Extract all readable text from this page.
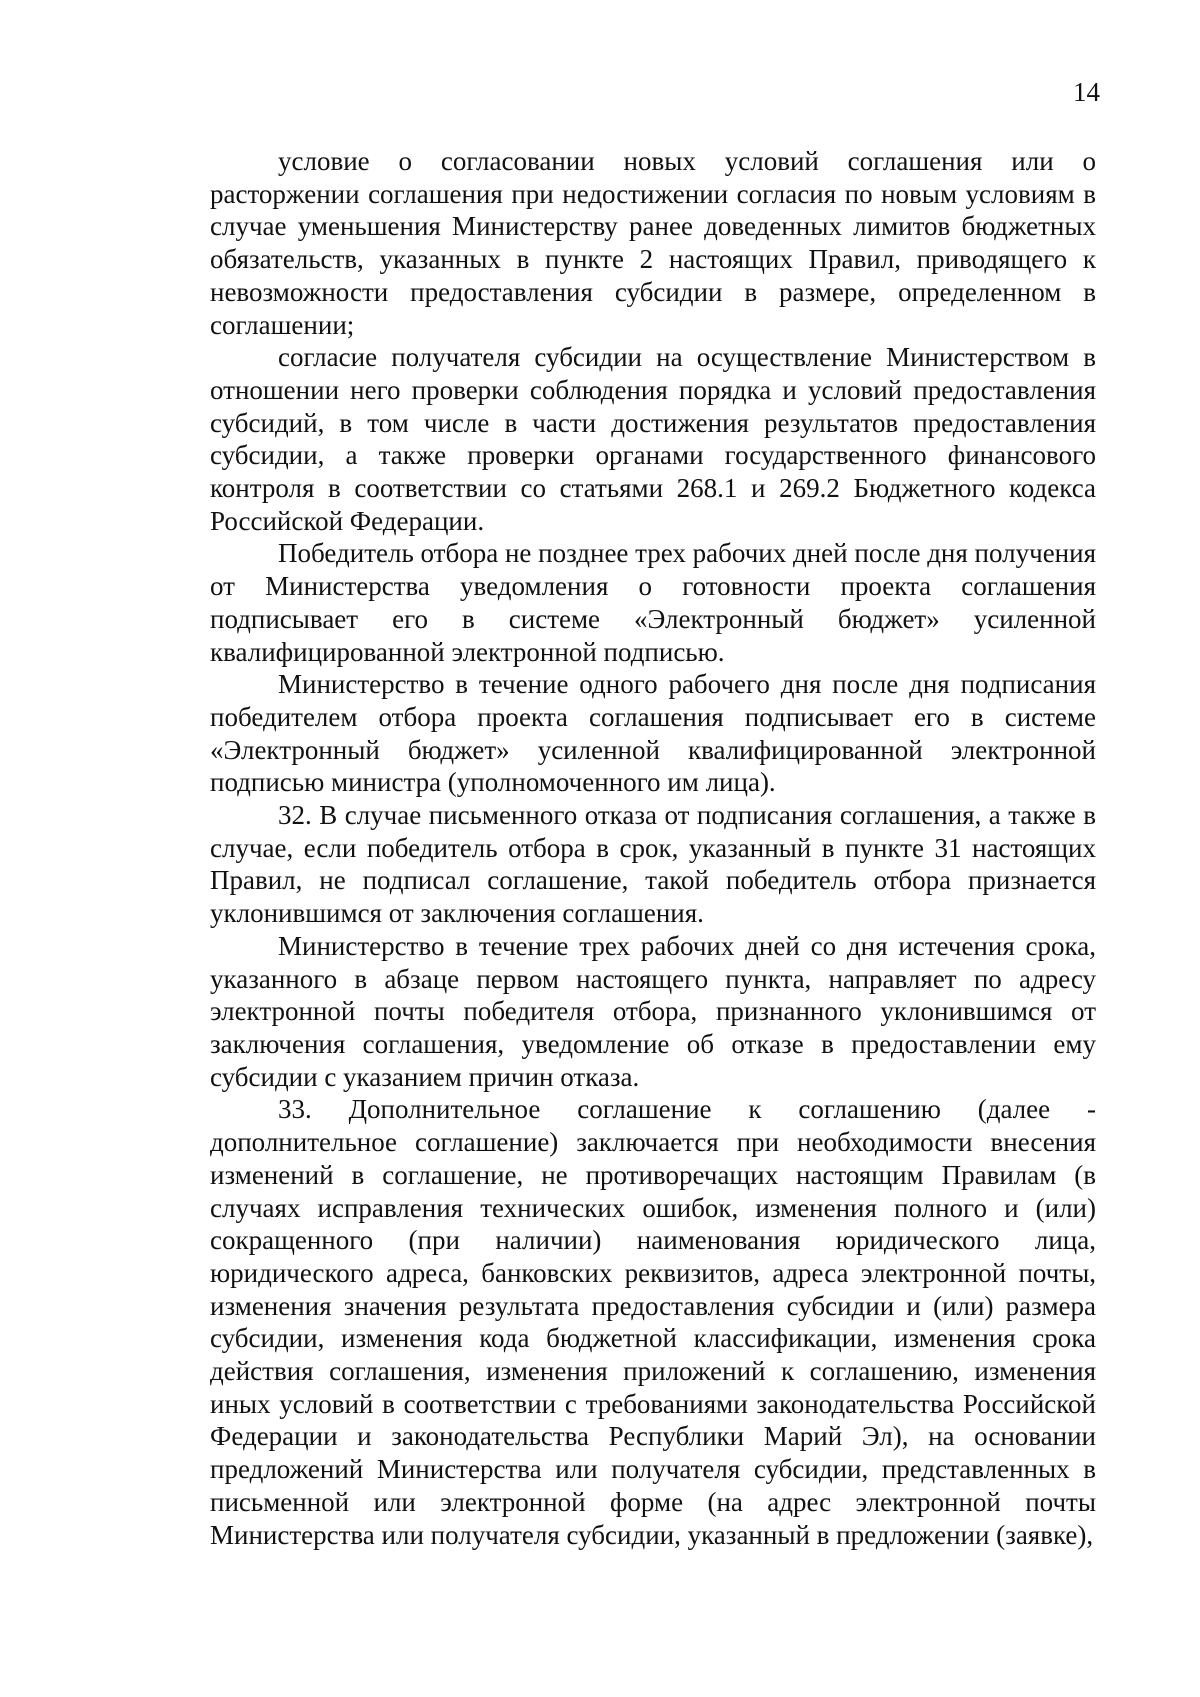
14

условие о согласовании новых условий соглашения или о расторжении соглашения при недостижении согласия по новым условиям в случае уменьшения Министерству ранее доведенных лимитов бюджетных обязательств, указанных в пункте 2 настоящих Правил, приводящего к невозможности предоставления субсидии в размере, определенном в соглашении;

согласие получателя субсидии на осуществление Министерством в отношении него проверки соблюдения порядка и условий предоставления субсидий, в том числе в части достижения результатов предоставления субсидии, а также проверки органами государственного финансового контроля в соответствии со статьями 268.1 и 269.2 Бюджетного кодекса Российской Федерации.

Победитель отбора не позднее трех рабочих дней после дня получения от Министерства уведомления о готовности проекта соглашения подписывает его в системе «Электронный бюджет» усиленной квалифицированной электронной подписью.

Министерство в течение одного рабочего дня после дня подписания победителем отбора проекта соглашения подписывает его в системе «Электронный бюджет» усиленной квалифицированной электронной подписью министра (уполномоченного им лица).

32. В случае письменного отказа от подписания соглашения, а также в случае, если победитель отбора в срок, указанный в пункте 31 настоящих Правил, не подписал соглашение, такой победитель отбора признается уклонившимся от заключения соглашения.

Министерство в течение трех рабочих дней со дня истечения срока, указанного в абзаце первом настоящего пункта, направляет по адресу электронной почты победителя отбора, признанного уклонившимся от заключения соглашения, уведомление об отказе в предоставлении ему субсидии с указанием причин отказа.

33. Дополнительное соглашение к соглашению (далее - дополнительное соглашение) заключается при необходимости внесения изменений в соглашение, не противоречащих настоящим Правилам (в случаях исправления технических ошибок, изменения полного и (или) сокращенного (при наличии) наименования юридического лица, юридического адреса, банковских реквизитов, адреса электронной почты, изменения значения результата предоставления субсидии и (или) размера субсидии, изменения кода бюджетной классификации, изменения срока действия соглашения, изменения приложений к соглашению, изменения иных условий в соответствии с требованиями законодательства Российской Федерации и законодательства Республики Марий Эл), на основании предложений Министерства или получателя субсидии, представленных в письменной или электронной форме (на адрес электронной почты Министерства или получателя субсидии, указанный в предложении (заявке),
